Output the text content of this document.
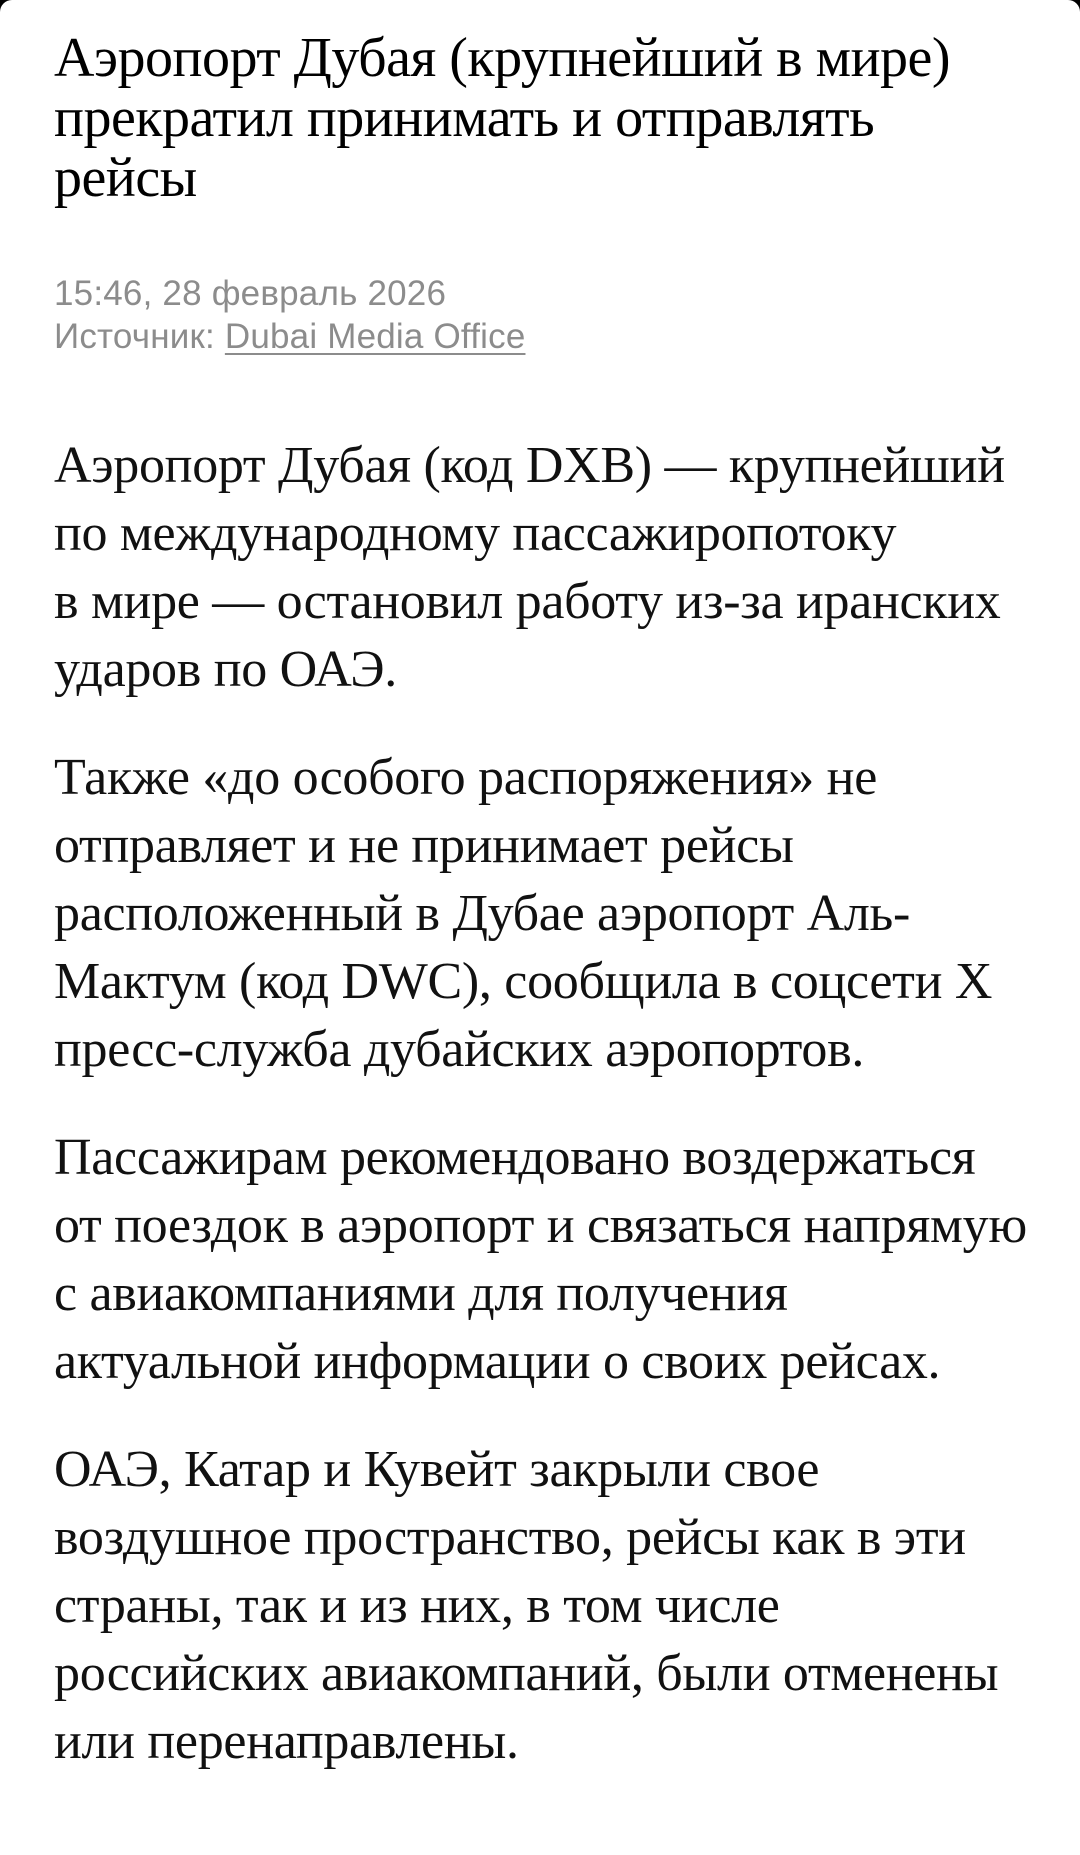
Аэропорт Дубая (крупнейший в мире) прекратил принимать и отправлять рейсы
15:46, 28 февраль 2026
Источник: Dubai Media Office

Аэропорт Дубая (код DXB) — крупнейший по международному пассажиропотоку в мире — остановил работу из-за иранских ударов по ОАЭ.

Также «до особого распоряжения» не отправляет и не принимает рейсы расположенный в Дубае аэропорт Аль-Мактум (код DWC), сообщила в соцсети X пресс-служба дубайских аэропортов.

Пассажирам рекомендовано воздержаться от поездок в аэропорт и связаться напрямую с авиакомпаниями для получения актуальной информации о своих рейсах.

ОАЭ, Катар и Кувейт закрыли свое воздушное пространство, рейсы как в эти страны, так и из них, в том числе российских авиакомпаний, были отменены или перенаправлены.
